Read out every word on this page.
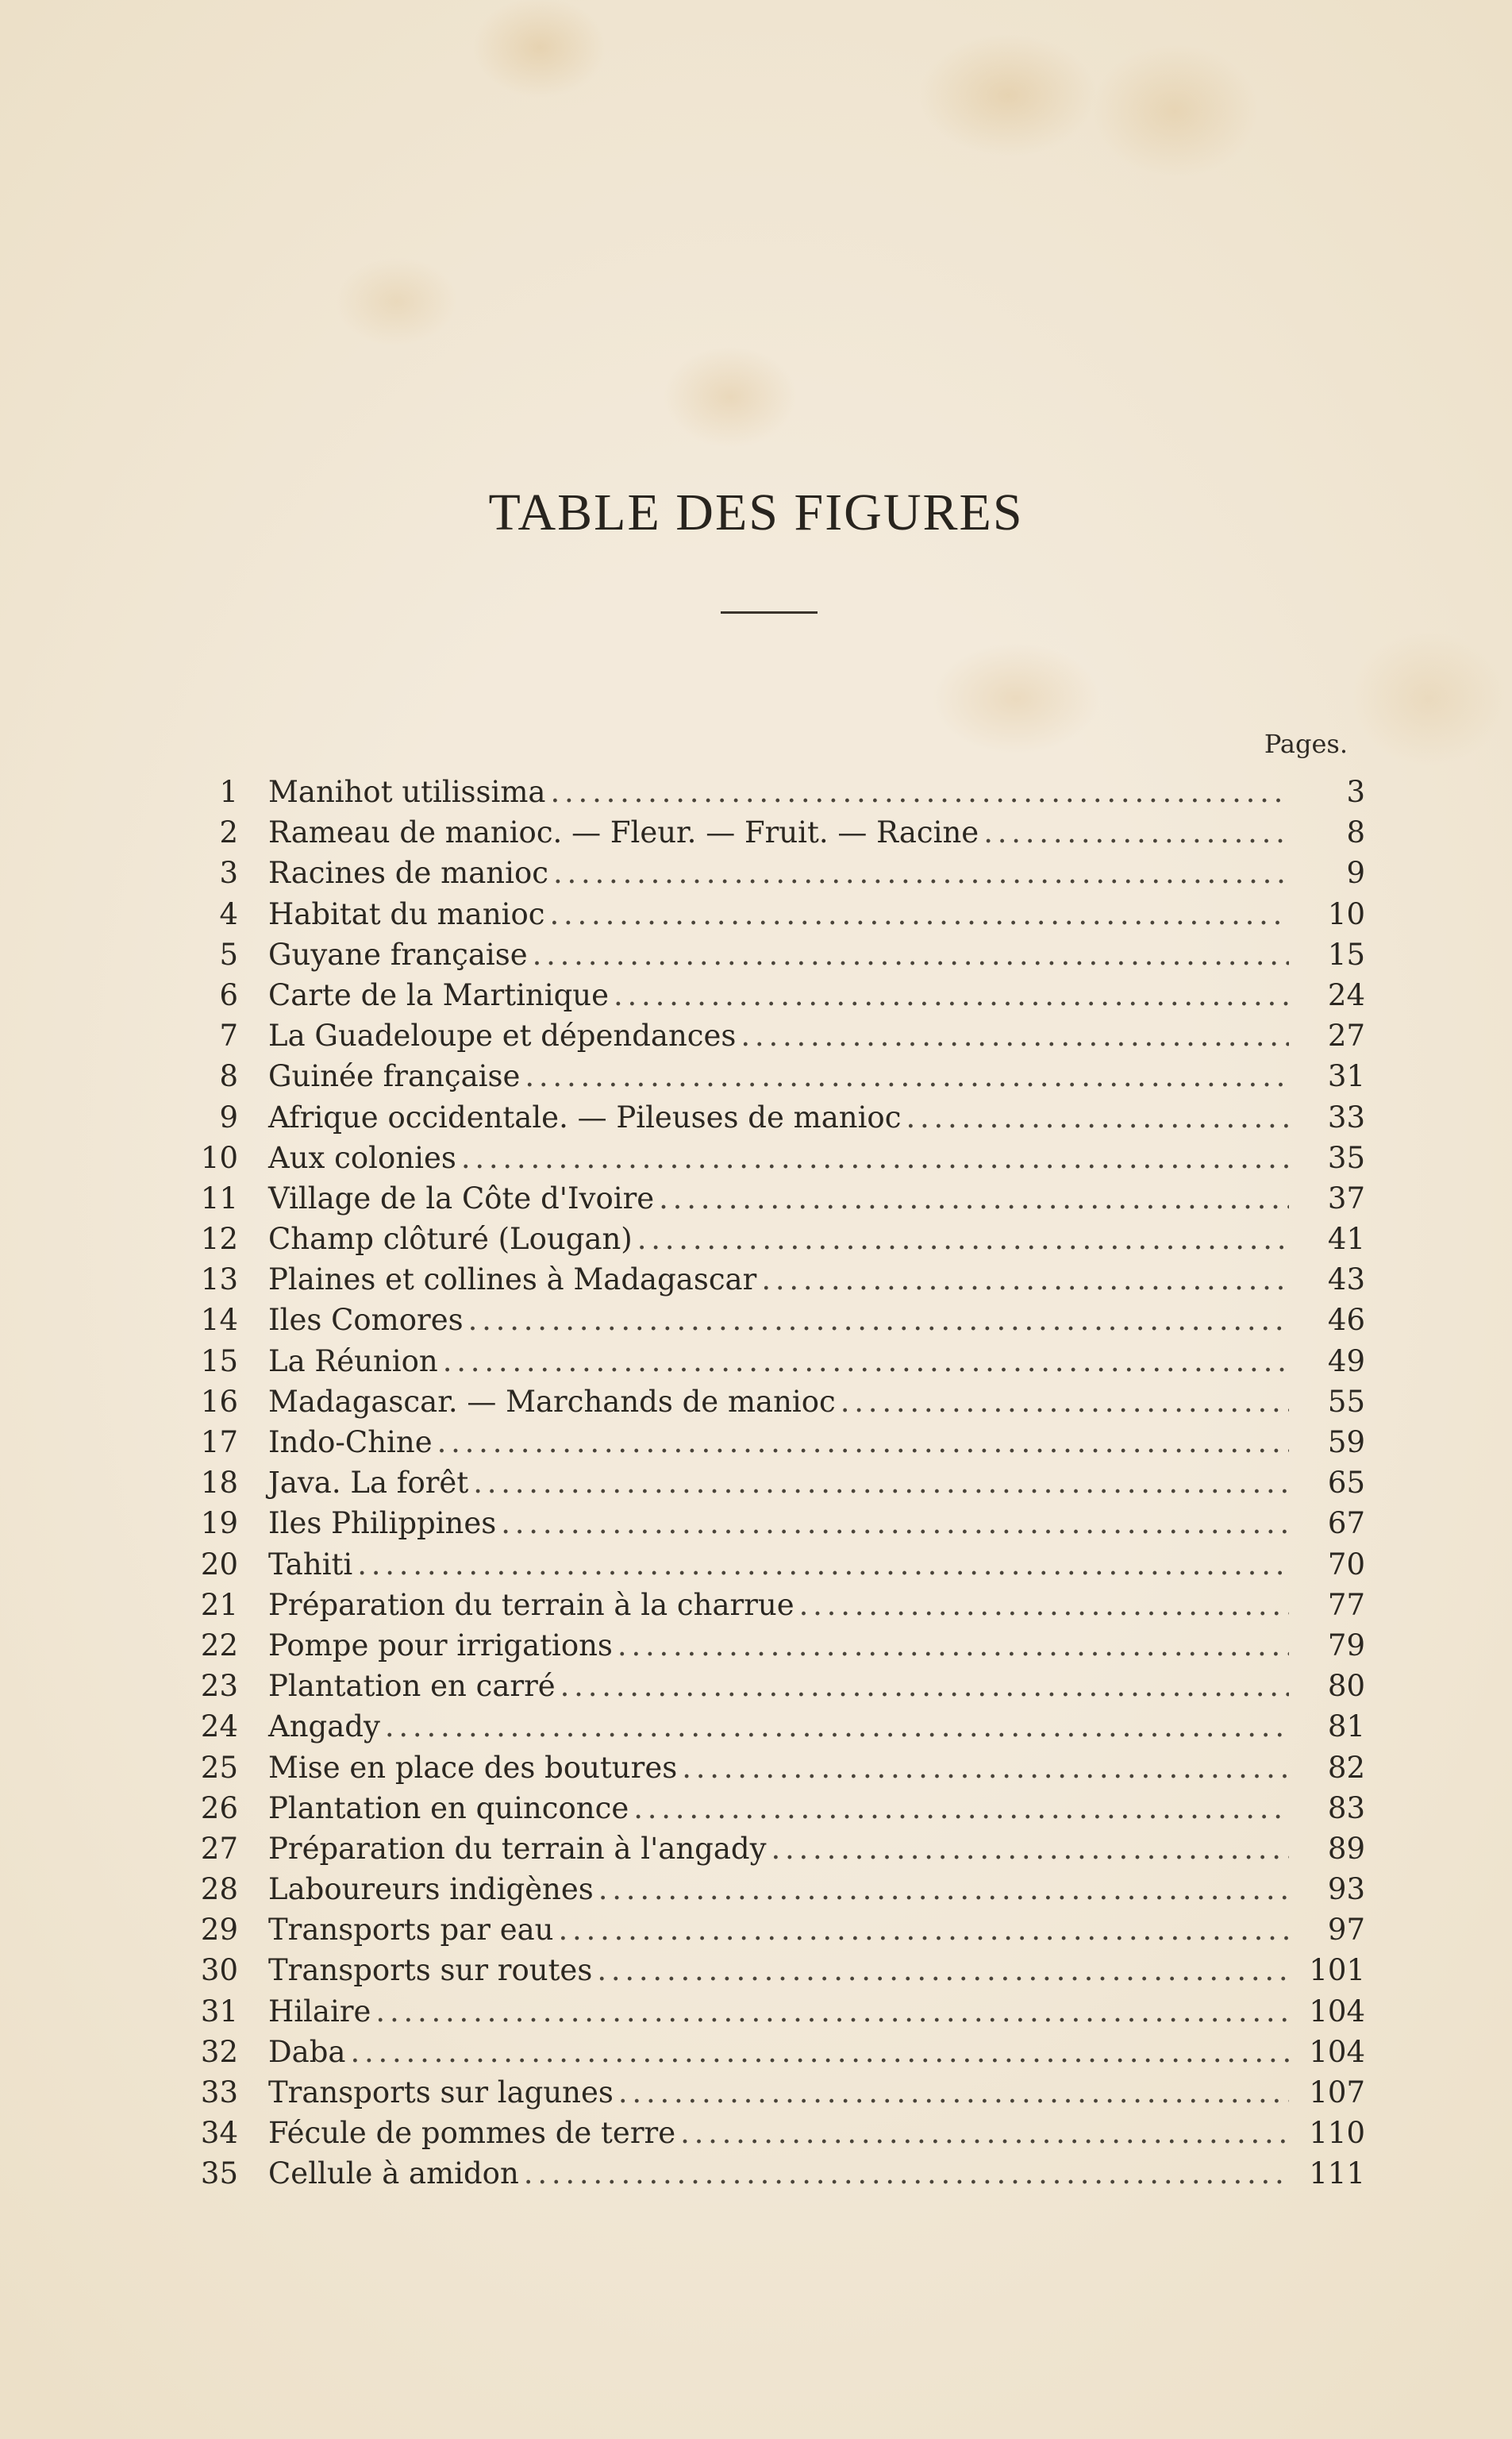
TABLE DES FIGURES
Pages.
1 Manihot utilissima . . .	3
2 Rameau de manioc. — Fleur. — Fruit. — Racine . . .	8
3 Racines de manioc . . .	9
4 Habitat du manioc . . .	10
5 Guyane française . . .	15
6 Carte de la Martinique . . .	24
7 La Guadeloupe et dépendances . . .	27
8 Guinée française . . .	31
9 Afrique occidentale. — Pileuses de manioc . . .	33
10 Aux colonies . . .	35
11 Village de la Côte d'Ivoire . . .	37
12 Champ clôturé (Lougan) . . .	41
13 Plaines et collines à Madagascar . . .	43
14 Iles Comores . . .	46
15 La Réunion . . .	49
16 Madagascar. — Marchands de manioc . . .	55
17 Indo-Chine . . .	59
18 Java. La forêt . . .	65
19 Iles Philippines . . .	67
20 Tahiti . . .	70
21 Préparation du terrain à la charrue . . .	77
22 Pompe pour irrigations . . .	79
23 Plantation en carré . . .	80
24 Angady . . .	81
25 Mise en place des boutures . . .	82
26 Plantation en quinconce . . .	83
27 Préparation du terrain à l'angady . . .	89
28 Laboureurs indigènes . . .	93
29 Transports par eau . . .	97
30 Transports sur routes . . .	101
31 Hilaire . . .	104
32 Daba . . .	104
33 Transports sur lagunes . . .	107
34 Fécule de pommes de terre . . .	110
35 Cellule à amidon . . .	111
